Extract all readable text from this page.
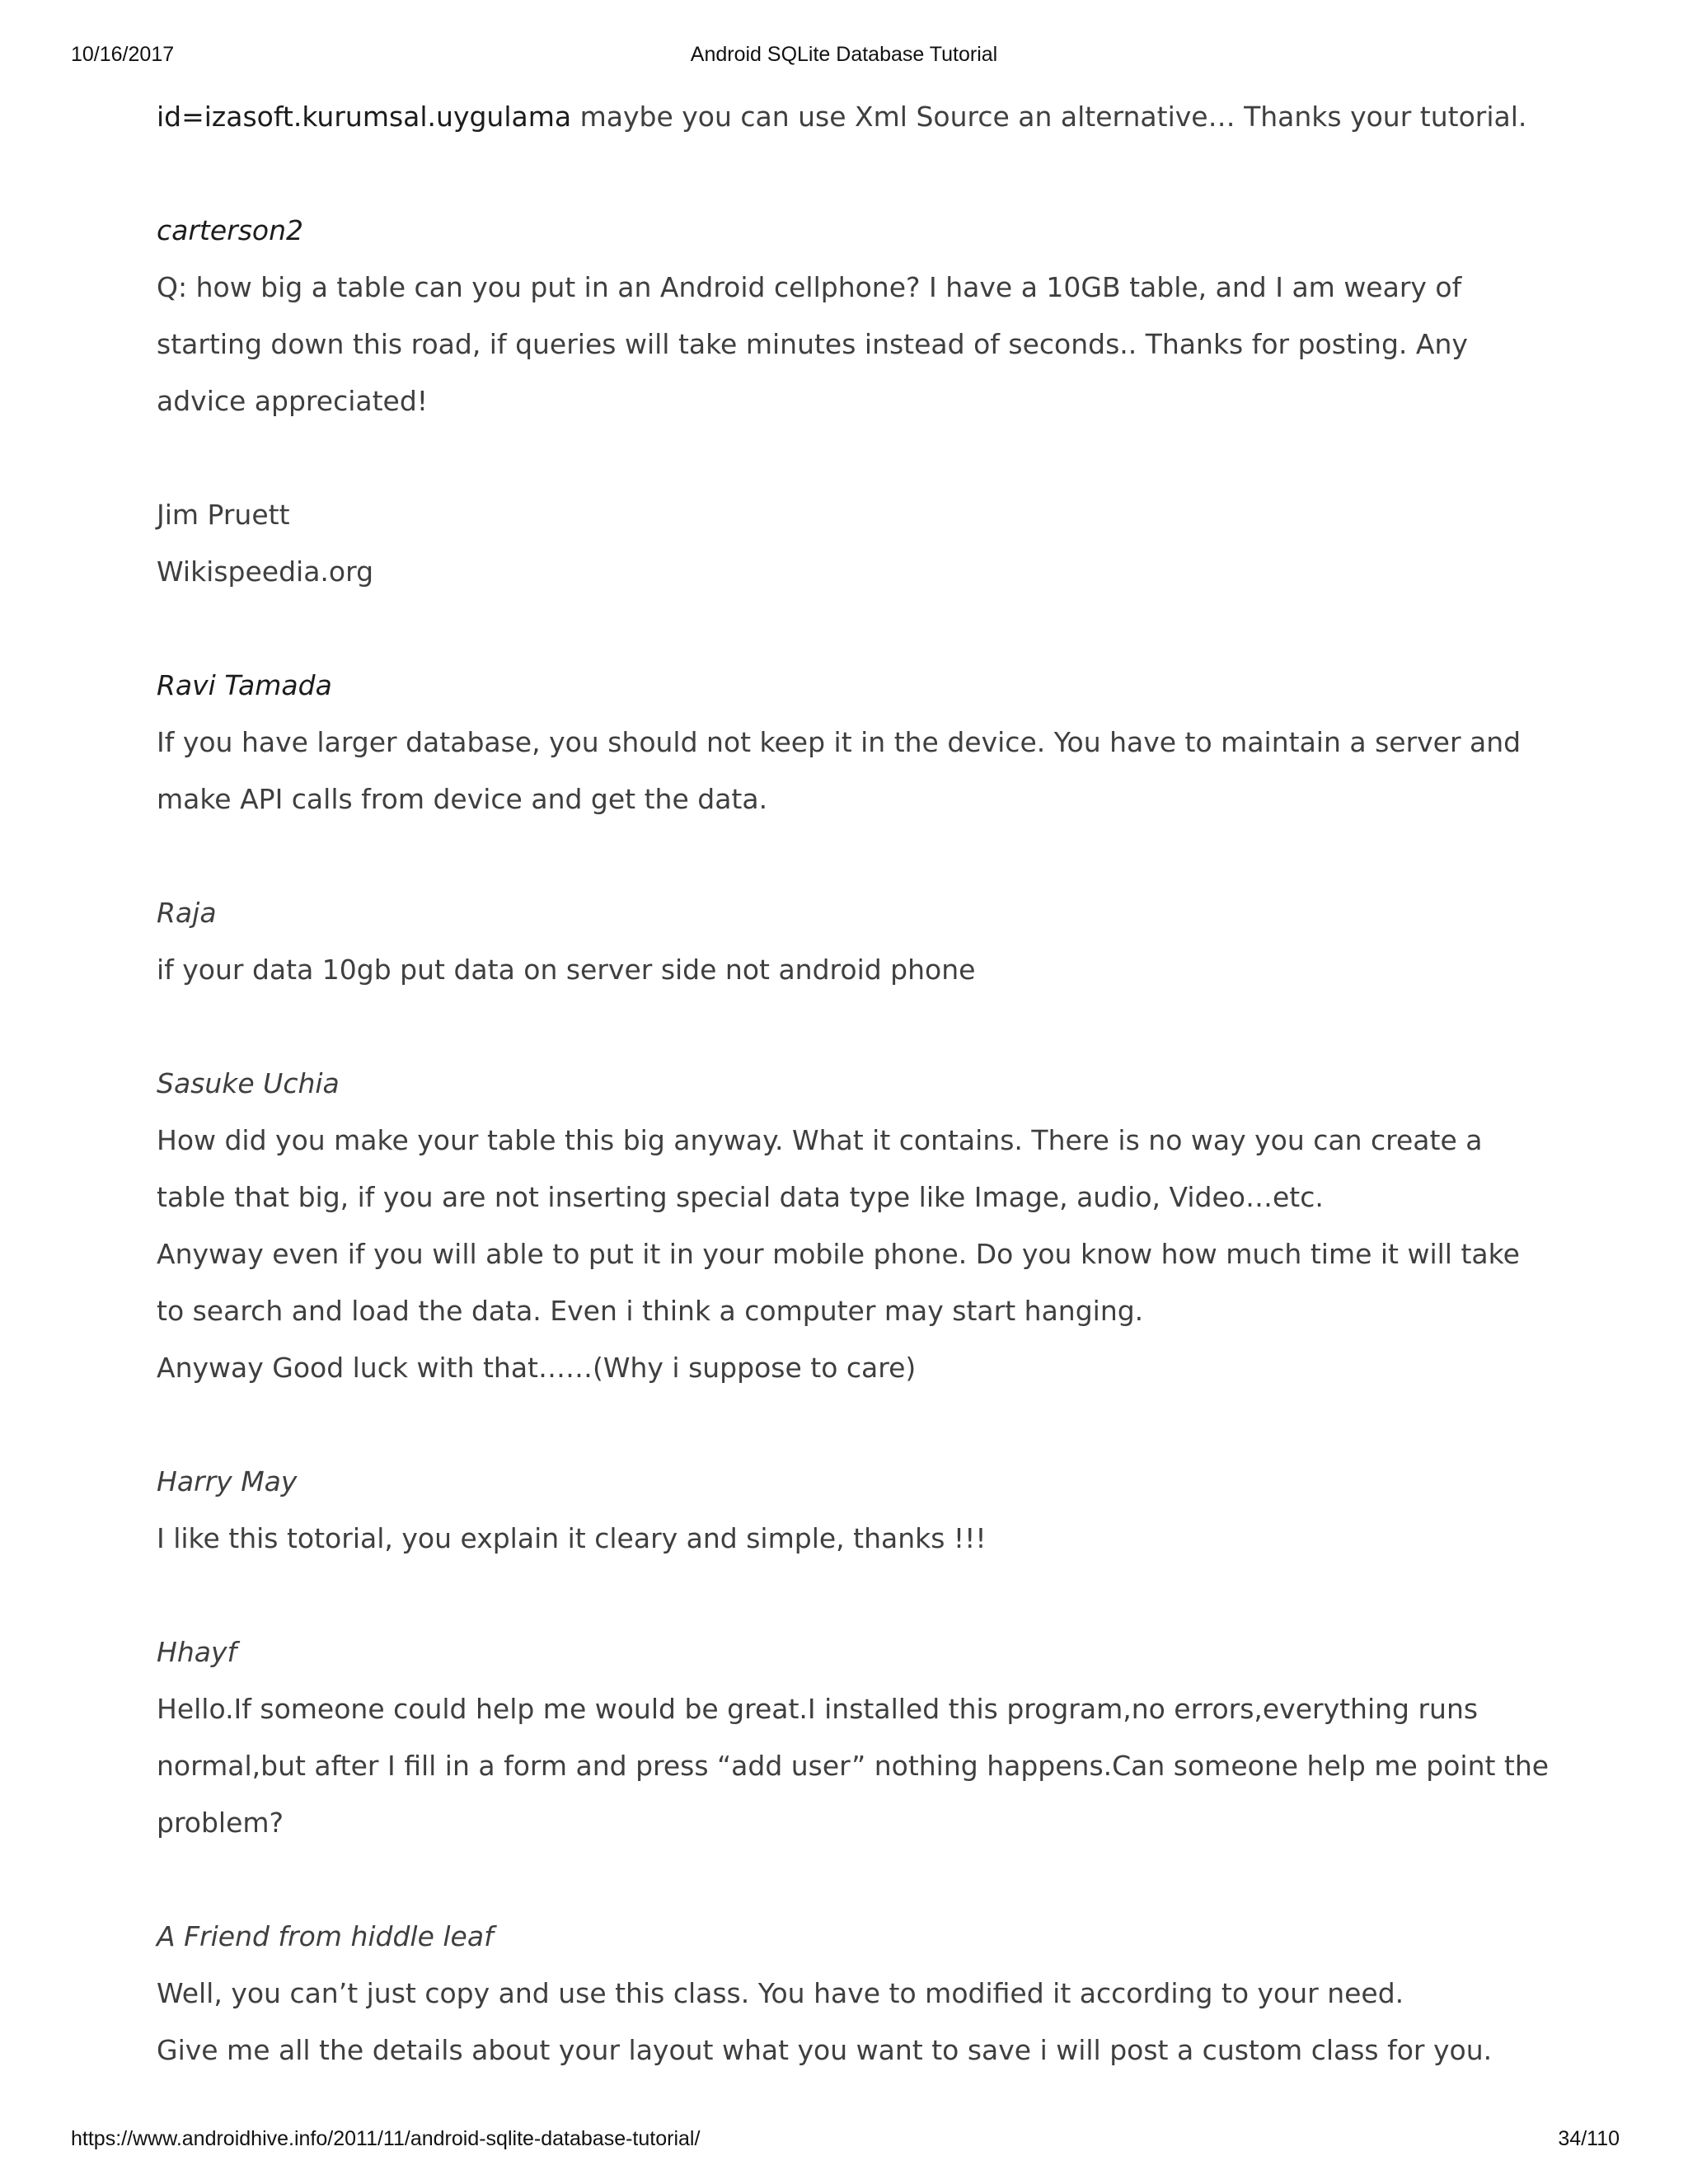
10/16/2017	Android SQLite Database Tutorial

id=izasoft.kurumsal.uygulama maybe you can use Xml Source an alternative… Thanks your tutorial.

carterson2

Q: how big a table can you put in an Android cellphone? I have a 10GB table, and I am weary of

starting down this road, if queries will take minutes instead of seconds.. Thanks for posting. Any

advice appreciated!

Jim Pruett

Wikispeedia.org

Ravi Tamada

If you have larger database, you should not keep it in the device. You have to maintain a server and

make API calls from device and get the data.

Raja

if your data 10gb put data on server side not android phone

Sasuke Uchia

How did you make your table this big anyway. What it contains. There is no way you can create a

table that big, if you are not inserting special data type like Image, audio, Video…etc.

Anyway even if you will able to put it in your mobile phone. Do you know how much time it will take

to search and load the data. Even i think a computer may start hanging.

Anyway Good luck with that……(Why i suppose to care)

Harry May

I like this totorial, you explain it cleary and simple, thanks !!!

Hhayf

Hello.If someone could help me would be great.I installed this program,no errors,everything runs

normal,but after I fill in a form and press “add user” nothing happens.Can someone help me point the

problem?

A Friend from hiddle leaf

Well, you can’t just copy and use this class. You have to modified it according to your need.

Give me all the details about your layout what you want to save i will post a custom class for you.

https://www.androidhive.info/2011/11/android-sqlite-database-tutorial/	34/110
